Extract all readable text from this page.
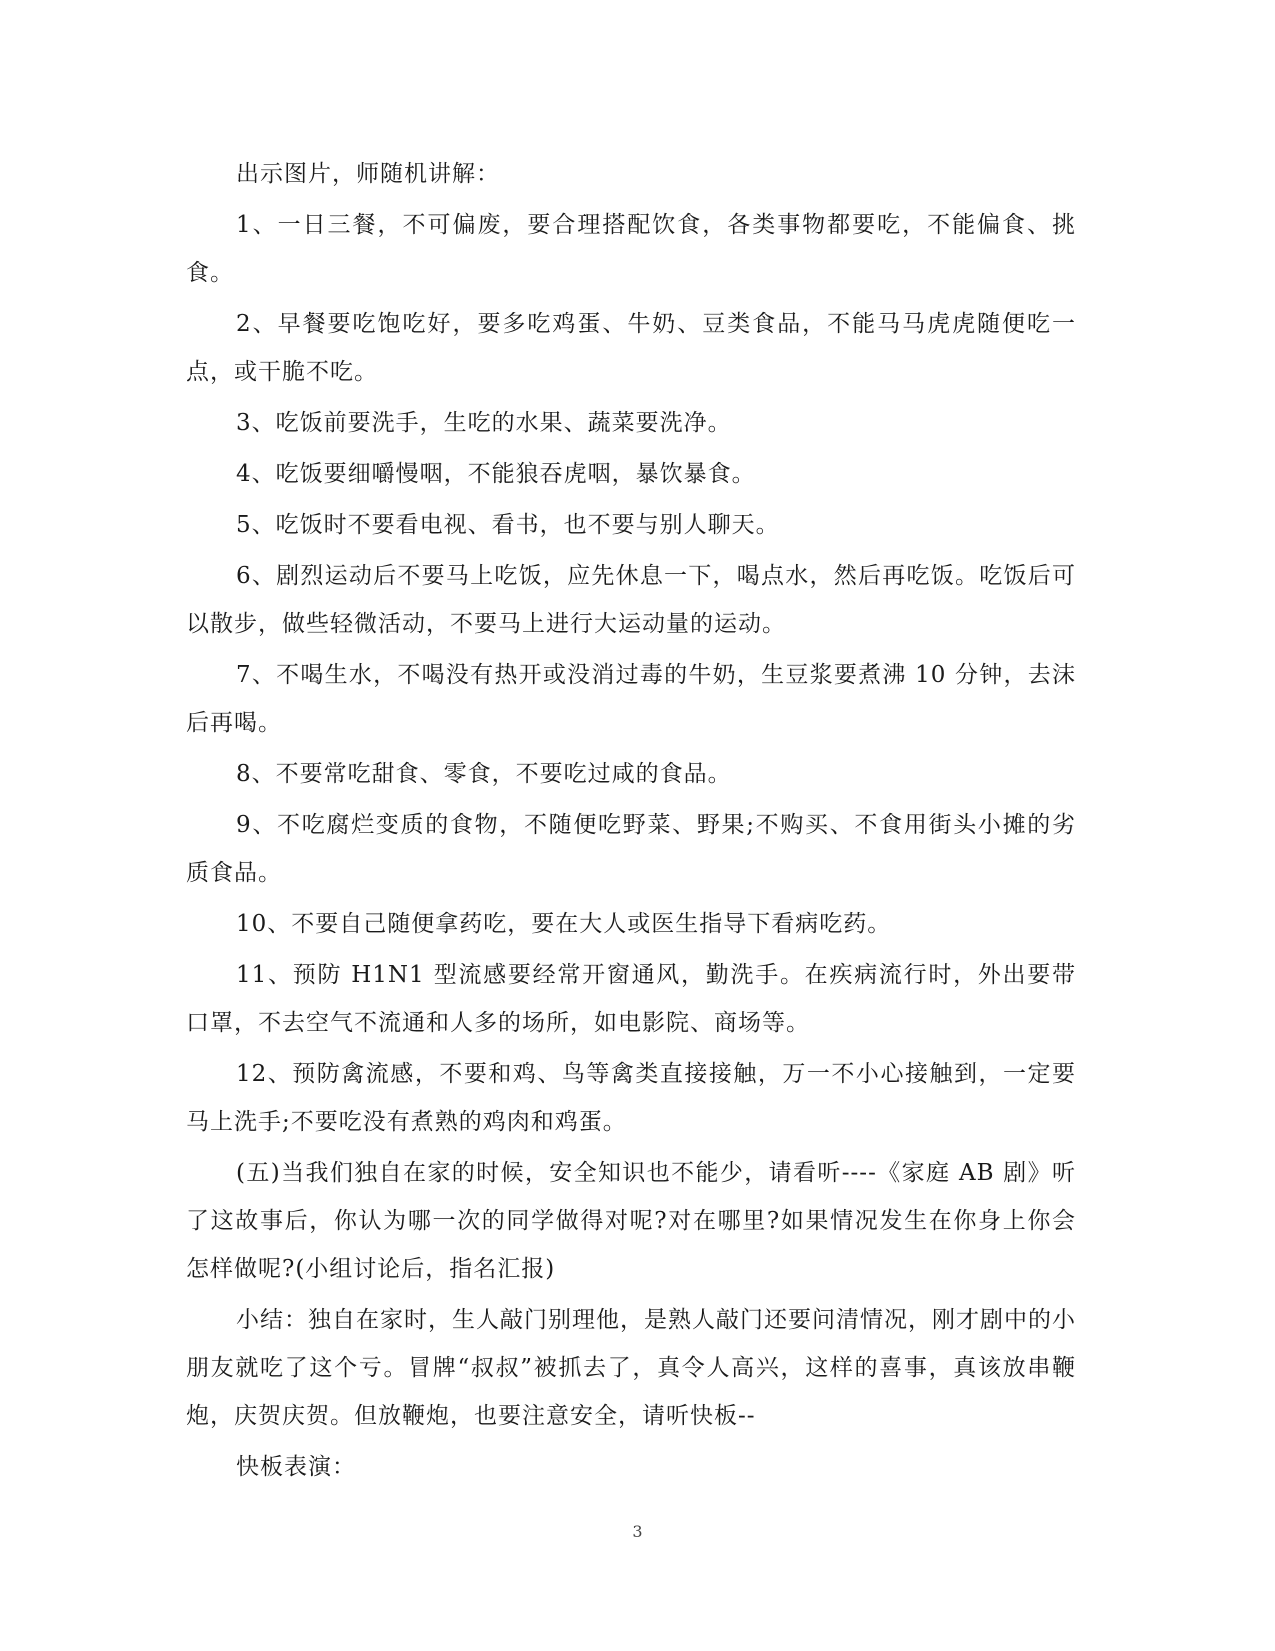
出示图片，师随机讲解：

1、一日三餐，不可偏废，要合理搭配饮食，各类事物都要吃，不能偏食、挑食。

2、早餐要吃饱吃好，要多吃鸡蛋、牛奶、豆类食品，不能马马虎虎随便吃一点，或干脆不吃。

3、吃饭前要洗手，生吃的水果、蔬菜要洗净。

4、吃饭要细嚼慢咽，不能狼吞虎咽，暴饮暴食。

5、吃饭时不要看电视、看书，也不要与别人聊天。

6、剧烈运动后不要马上吃饭，应先休息一下，喝点水，然后再吃饭。吃饭后可以散步，做些轻微活动，不要马上进行大运动量的运动。

7、不喝生水，不喝没有热开或没消过毒的牛奶，生豆浆要煮沸 10 分钟，去沫后再喝。

8、不要常吃甜食、零食，不要吃过咸的食品。

9、不吃腐烂变质的食物，不随便吃野菜、野果;不购买、不食用街头小摊的劣质食品。

10、不要自己随便拿药吃，要在大人或医生指导下看病吃药。

11、预防 H1N1 型流感要经常开窗通风，勤洗手。在疾病流行时，外出要带口罩，不去空气不流通和人多的场所，如电影院、商场等。

12、预防禽流感，不要和鸡、鸟等禽类直接接触，万一不小心接触到，一定要马上洗手;不要吃没有煮熟的鸡肉和鸡蛋。

(五)当我们独自在家的时候，安全知识也不能少，请看听----《家庭 AB 剧》听了这故事后，你认为哪一次的同学做得对呢?对在哪里?如果情况发生在你身上你会怎样做呢?(小组讨论后，指名汇报)

小结：独自在家时，生人敲门别理他，是熟人敲门还要问清情况，刚才剧中的小朋友就吃了这个亏。冒牌“叔叔”被抓去了，真令人高兴，这样的喜事，真该放串鞭炮，庆贺庆贺。但放鞭炮，也要注意安全，请听快板--

快板表演：

3
